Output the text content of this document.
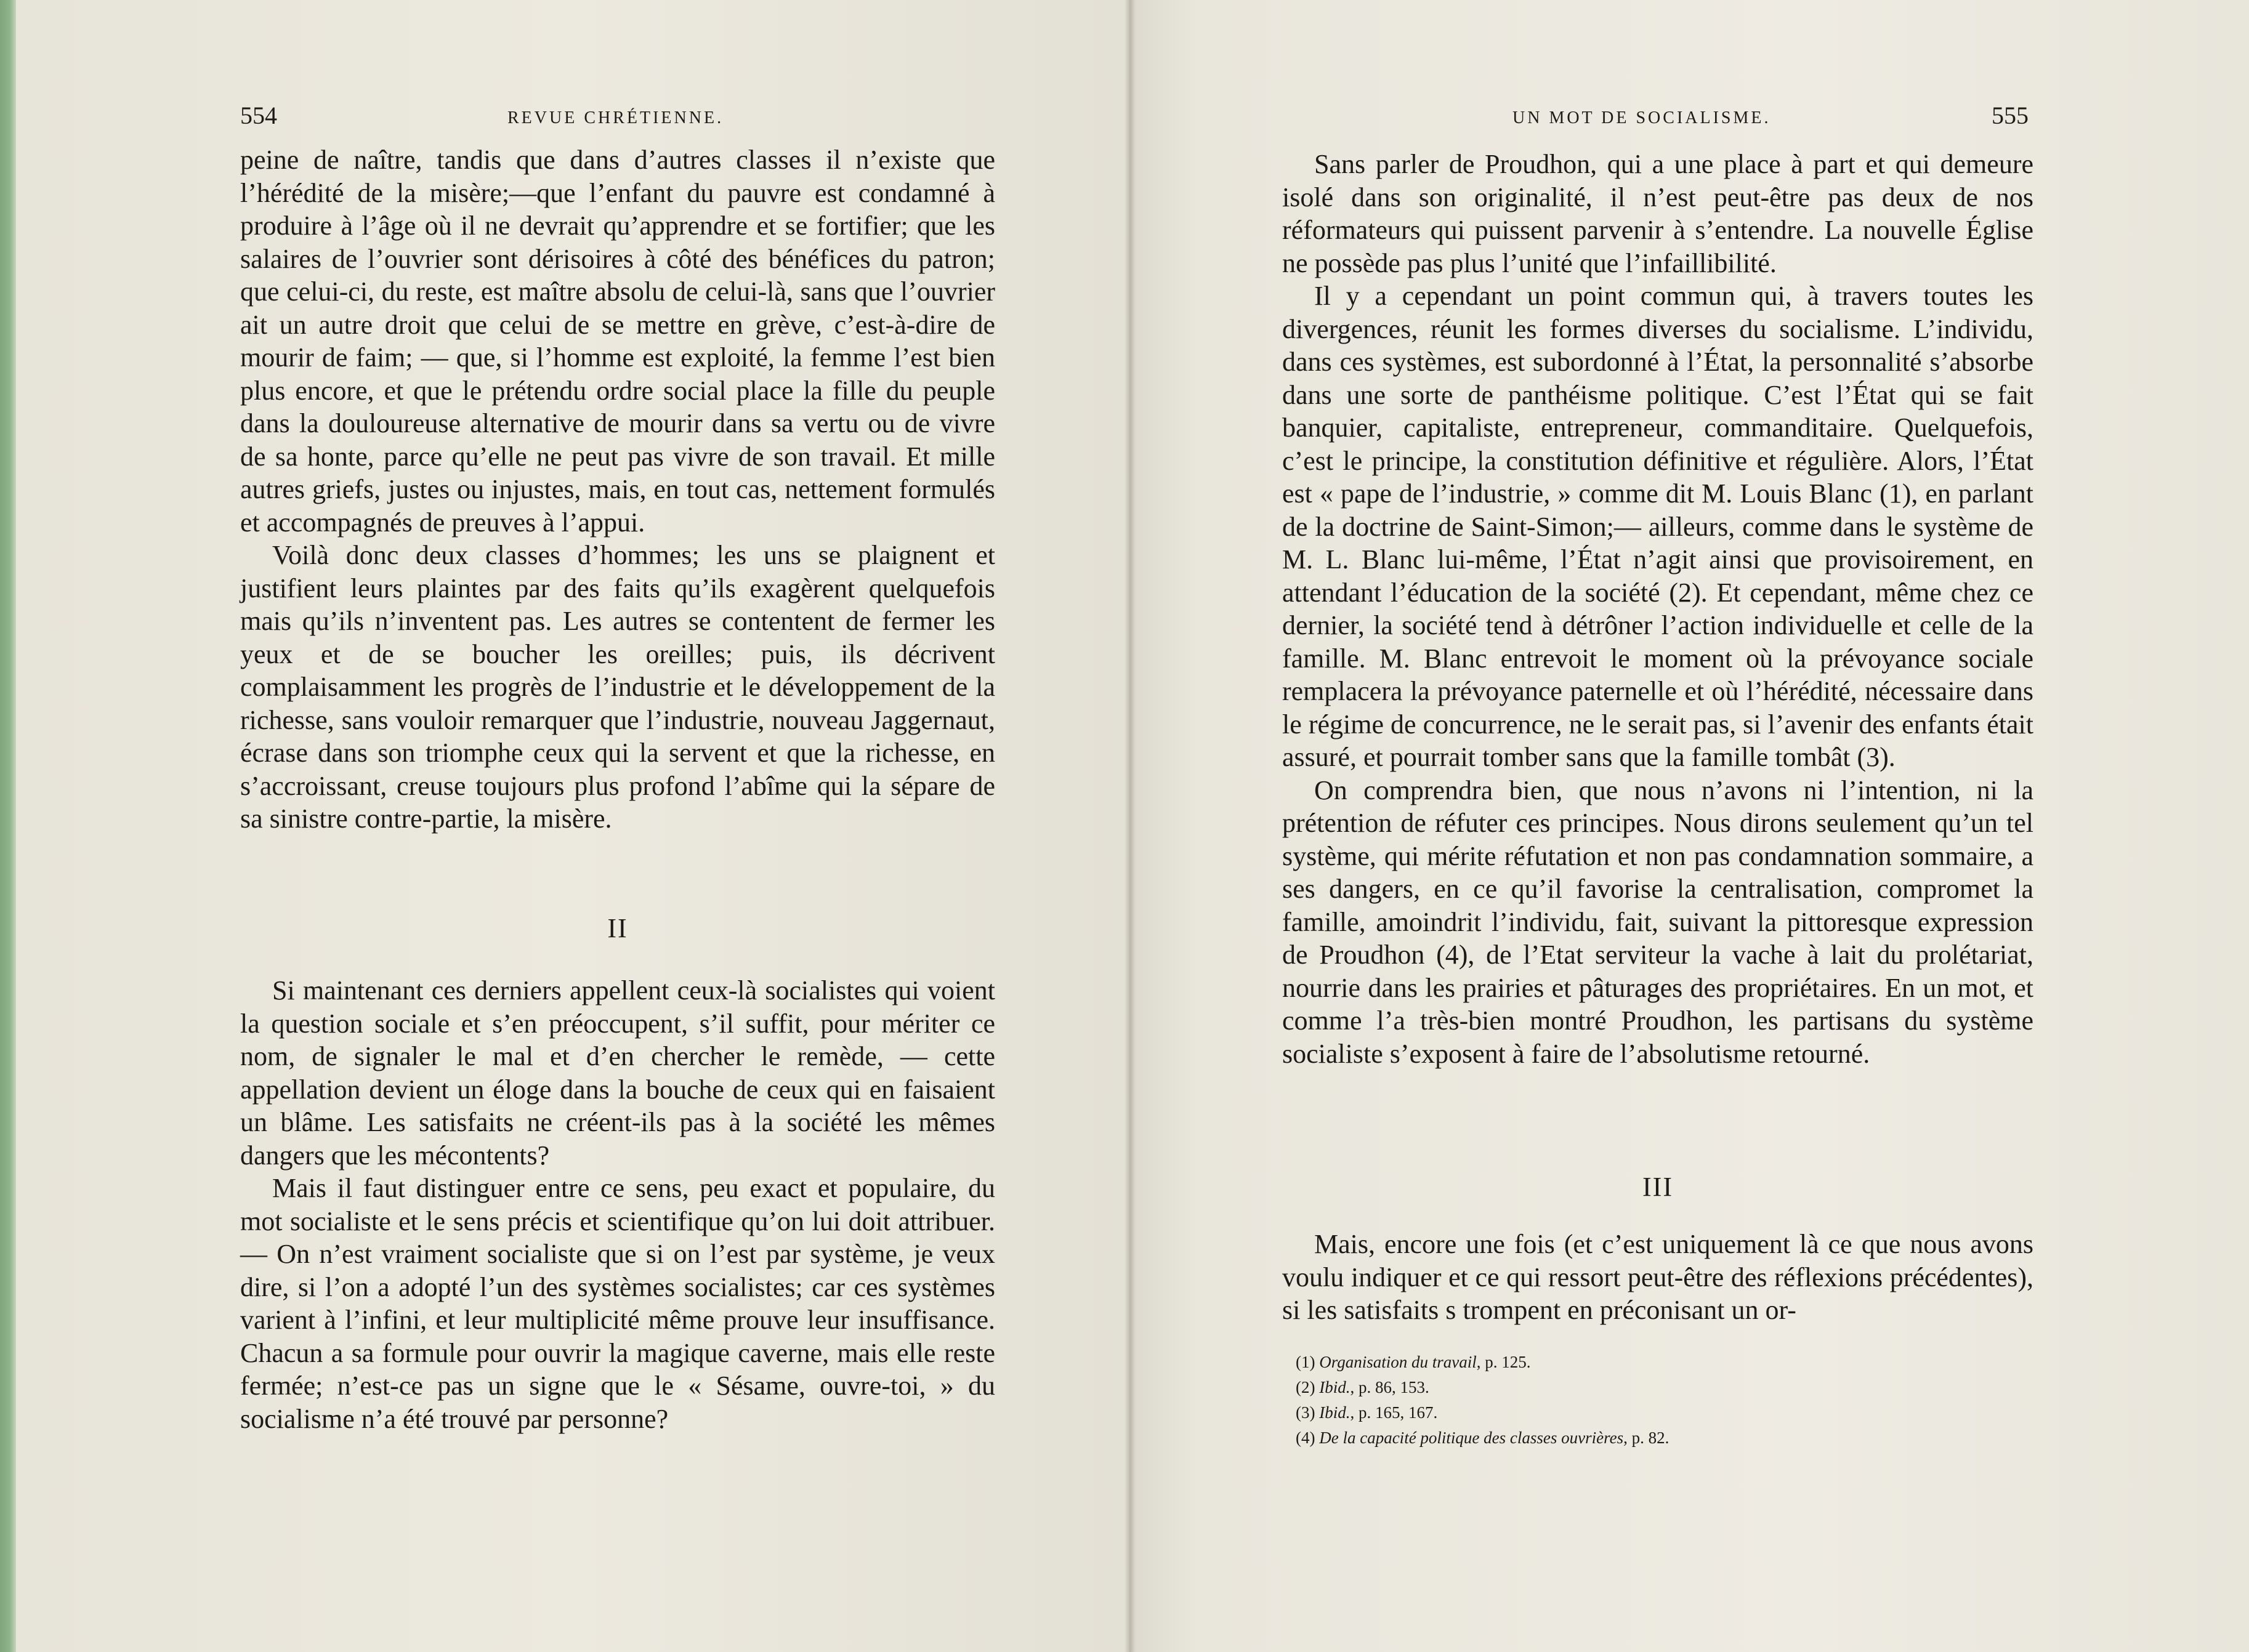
554	REVUE CHRÉTIENNE.

peine de naître, tandis que dans d’autres classes il n’existe que l’hérédité de la misère;—que l’enfant du pauvre est condamné à produire à l’âge où il ne devrait qu’apprendre et se fortifier; que les salaires de l’ouvrier sont dérisoires à côté des bénéfices du patron; que celui-ci, du reste, est maître absolu de celui-là, sans que l’ouvrier ait un autre droit que celui de se mettre en grève, c’est-à-dire de mourir de faim; — que, si l’homme est exploité, la femme l’est bien plus encore, et que le prétendu ordre social place la fille du peuple dans la douloureuse alternative de mourir dans sa vertu ou de vivre de sa honte, parce qu’elle ne peut pas vivre de son travail. Et mille autres griefs, justes ou injustes, mais, en tout cas, nettement formulés et accompagnés de preuves à l’appui.

Voilà donc deux classes d’hommes; les uns se plaignent et justifient leurs plaintes par des faits qu’ils exagèrent quelquefois mais qu’ils n’inventent pas. Les autres se contentent de fermer les yeux et de se boucher les oreilles; puis, ils décrivent complaisamment les progrès de l’industrie et le développement de la richesse, sans vouloir remarquer que l’industrie, nouveau Jaggernaut, écrase dans son triomphe ceux qui la servent et que la richesse, en s’accroissant, creuse toujours plus profond l’abîme qui la sépare de sa sinistre contre-partie, la misère.

II

Si maintenant ces derniers appellent ceux-là socialistes qui voient la question sociale et s’en préoccupent, s’il suffit, pour mériter ce nom, de signaler le mal et d’en chercher le remède, — cette appellation devient un éloge dans la bouche de ceux qui en faisaient un blâme. Les satisfaits ne créent-ils pas à la société les mêmes dangers que les mécontents?

Mais il faut distinguer entre ce sens, peu exact et populaire, du mot socialiste et le sens précis et scientifique qu’on lui doit attribuer. — On n’est vraiment socialiste que si on l’est par système, je veux dire, si l’on a adopté l’un des systèmes socialistes; car ces systèmes varient à l’infini, et leur multiplicité même prouve leur insuffisance. Chacun a sa formule pour ouvrir la magique caverne, mais elle reste fermée; n’est-ce pas un signe que le « Sésame, ouvre-toi, » du socialisme n’a été trouvé par personne?

UN MOT DE SOCIALISME.	555

Sans parler de Proudhon, qui a une place à part et qui demeure isolé dans son originalité, il n’est peut-être pas deux de nos réformateurs qui puissent parvenir à s’entendre. La nouvelle Église ne possède pas plus l’unité que l’infaillibilité.

Il y a cependant un point commun qui, à travers toutes les divergences, réunit les formes diverses du socialisme. L’individu, dans ces systèmes, est subordonné à l’État, la personnalité s’absorbe dans une sorte de panthéisme politique. C’est l’État qui se fait banquier, capitaliste, entrepreneur, commanditaire. Quelquefois, c’est le principe, la constitution définitive et régulière. Alors, l’État est « pape de l’industrie, » comme dit M. Louis Blanc (1), en parlant de la doctrine de Saint-Simon;— ailleurs, comme dans le système de M. L. Blanc lui-même, l’État n’agit ainsi que provisoirement, en attendant l’éducation de la société (2). Et cependant, même chez ce dernier, la société tend à détrôner l’action individuelle et celle de la famille. M. Blanc entrevoit le moment où la prévoyance sociale remplacera la prévoyance paternelle et où l’hérédité, nécessaire dans le régime de concurrence, ne le serait pas, si l’avenir des enfants était assuré, et pourrait tomber sans que la famille tombât (3).

On comprendra bien, que nous n’avons ni l’intention, ni la prétention de réfuter ces principes. Nous dirons seulement qu’un tel système, qui mérite réfutation et non pas condamnation sommaire, a ses dangers, en ce qu’il favorise la centralisation, compromet la famille, amoindrit l’individu, fait, suivant la pittoresque expression de Proudhon (4), de l’Etat serviteur la vache à lait du prolétariat, nourrie dans les prairies et pâturages des propriétaires. En un mot, et comme l’a très-bien montré Proudhon, les partisans du système socialiste s’exposent à faire de l’absolutisme retourné.

III

Mais, encore une fois (et c’est uniquement là ce que nous avons voulu indiquer et ce qui ressort peut-être des réflexions précédentes), si les satisfaits s trompent en préconisant un or-

(1) Organisation du travail, p. 125.
(2) Ibid., p. 86, 153.
(3) Ibid., p. 165, 167.
(4) De la capacité politique des classes ouvrières, p. 82.
